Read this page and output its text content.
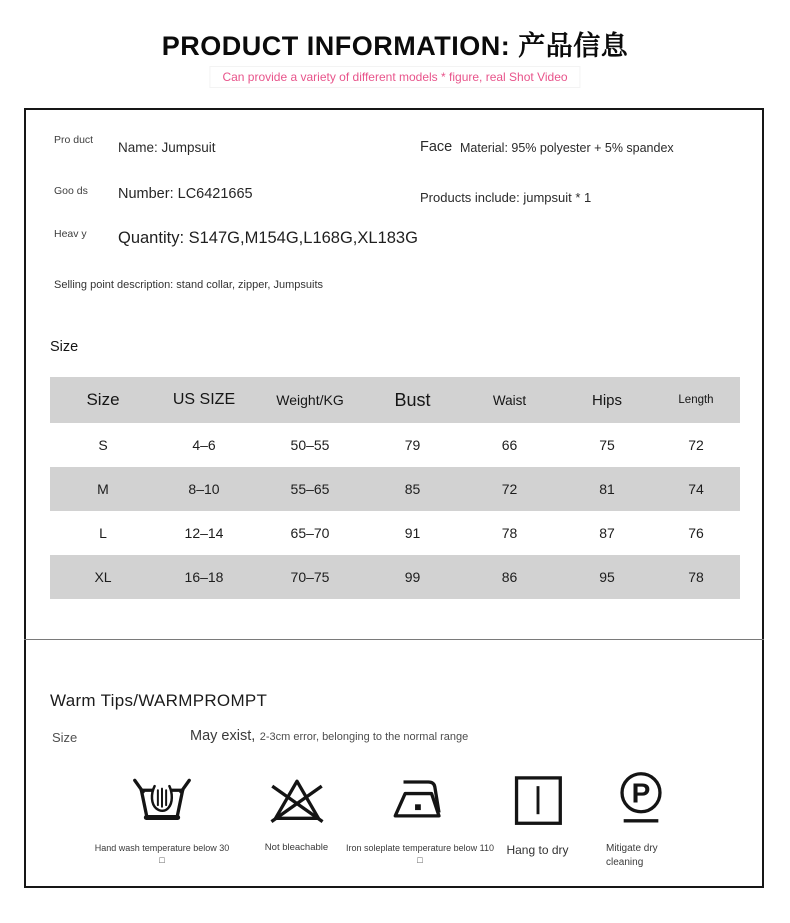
PRODUCT INFORMATION: 产品信息
Can provide a variety of different models * figure, real Shot Video
Pro duct	Name: Jumpsuit	Face Material: 95% polyester + 5% spandex
Goo ds	Number: LC6421665	Products include: jumpsuit * 1
Heav y	Quantity: S147G,M154G,L168G,XL183G
Selling point description: stand collar, zipper, Jumpsuits
Size
Size	US SIZE	Weight/KG	Bust	Waist	Hips	Length
S	4–6	50–55	79	66	75	72
M	8–10	55–65	85	72	81	74
L	12–14	65–70	91	78	87	76
XL	16–18	70–75	99	86	95	78
Warm Tips/WARMPROMPT
Size	May exist, 2-3cm error, belonging to the normal range
Hand wash temperature below 30 □
Not bleachable Iron soleplate temperature below 110 □
Hang to dry
P
Mitigate dry cleaning
